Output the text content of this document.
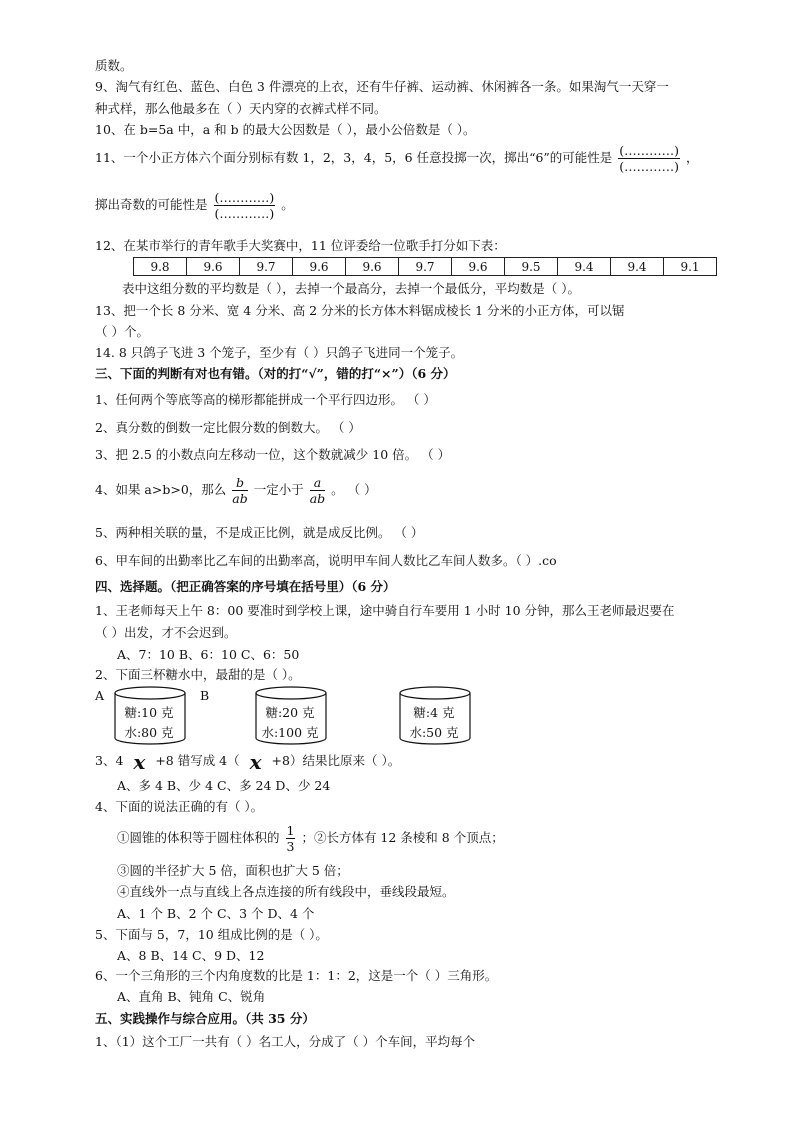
质数。
9、淘气有红色、蓝色、白色 3 件漂亮的上衣，还有牛仔裤、运动裤、休闲裤各一条。如果淘气一天穿一
种式样，那么他最多在（ ）天内穿的衣裤式样不同。
10、在 b=5a 中，a 和 b 的最大公因数是（ ），最小公倍数是（ ）。
11、一个小正方体六个面分别标有数 1，2，3，4，5，6 任意投掷一次，掷出“6”的可能性是 $\frac{(\dots\dots\dots\dots)}{(\dots\dots\dots\dots)}$ ，
掷出奇数的可能性是 $\frac{(\dots\dots\dots\dots)}{(\dots\dots\dots\dots)}$ 。
12、在某市举行的青年歌手大奖赛中，11 位评委给一位歌手打分如下表：
9.8	9.6	9.7	9.6	9.6	9.7	9.6	9.5	9.4	9.4	9.1
表中这组分数的平均数是（ ），去掉一个最高分，去掉一个最低分，平均数是（ ）。
13、把一个长 8 分米、宽 4 分米、高 2 分米的长方体木料锯成棱长 1 分米的小正方体，可以锯
（ ）个。
14. 8 只鸽子飞进 3 个笼子，至少有（ ）只鸽子飞进同一个笼子。
三、下面的判断有对也有错。（对的打“√”，错的打“×”）（6 分）
1、任何两个等底等高的梯形都能拼成一个平行四边形。 （ ）
2、真分数的倒数一定比假分数的倒数大。 （ ）
3、把 2.5 的小数点向左移动一位，这个数就减少 10 倍。 （ ）
4、如果 a>b>0，那么 $\frac{b}{ab}$ 一定小于 $\frac{a}{ab}$ 。 （ ）
5、两种相关联的量，不是成正比例，就是成反比例。 （ ）
6、甲车间的出勤率比乙车间的出勤率高，说明甲车间人数比乙车间人数多。（ ）.co
四、选择题。（把正确答案的序号填在括号里）（6 分）
1、王老师每天上午 8：00 要准时到学校上课，途中骑自行车要用 1 小时 10 分钟，那么王老师最迟要在
（ ）出发，才不会迟到。
A、7：10 B、6：10 C、6：50
2、下面三杯糖水中，最甜的是（ ）。
A	B
糖:10 克
水:80 克
糖:20 克
水:100 克
糖:4 克
水:50 克
3、4 x +8 错写成 4（ x +8）结果比原来（ ）。
A、多 4 B、少 4 C、多 24 D、少 24
4、下面的说法正确的有（ ）。
①圆锥的体积等于圆柱体积的 $\frac{1}{3}$ ；②长方体有 12 条棱和 8 个顶点；
③圆的半径扩大 5 倍，面积也扩大 5 倍；
④直线外一点与直线上各点连接的所有线段中，垂线段最短。
A、1 个 B、2 个 C、3 个 D、4 个
5、下面与 5，7，10 组成比例的是（ ）。
A、8 B、14 C、9 D、12
6、一个三角形的三个内角度数的比是 1：1：2，这是一个（ ）三角形。
A、直角 B、钝角 C、锐角
五、实践操作与综合应用。（共 35 分）
1、（1）这个工厂一共有（ ）名工人，分成了（ ）个车间，平均每个
